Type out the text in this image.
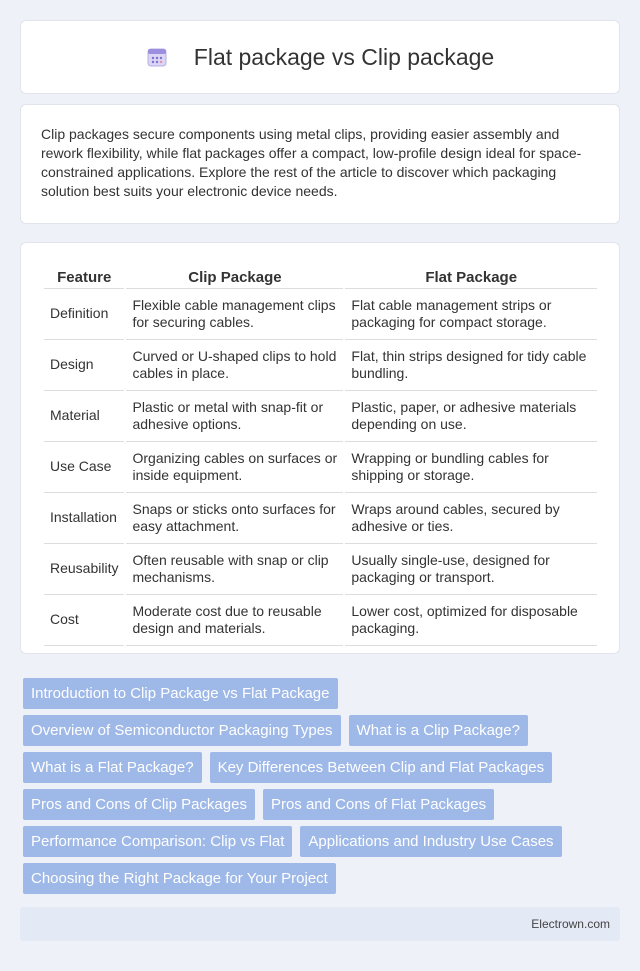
Flat package vs Clip package

Clip packages secure components using metal clips, providing easier assembly and rework flexibility, while flat packages offer a compact, low-profile design ideal for space-constrained applications. Explore the rest of the article to discover which packaging solution best suits your electronic device needs.

Feature	Clip Package	Flat Package
Definition	Flexible cable management clips for securing cables.	Flat cable management strips or packaging for compact storage.
Design	Curved or U-shaped clips to hold cables in place.	Flat, thin strips designed for tidy cable bundling.
Material	Plastic or metal with snap-fit or adhesive options.	Plastic, paper, or adhesive materials depending on use.
Use Case	Organizing cables on surfaces or inside equipment.	Wrapping or bundling cables for shipping or storage.
Installation	Snaps or sticks onto surfaces for easy attachment.	Wraps around cables, secured by adhesive or ties.
Reusability	Often reusable with snap or clip mechanisms.	Usually single-use, designed for packaging or transport.
Cost	Moderate cost due to reusable design and materials.	Lower cost, optimized for disposable packaging.
Introduction to Clip Package vs Flat Package
Overview of Semiconductor Packaging Types	What is a Clip Package?
What is a Flat Package?	Key Differences Between Clip and Flat Packages
Pros and Cons of Clip Packages	Pros and Cons of Flat Packages
Performance Comparison: Clip vs Flat	Applications and Industry Use Cases
Choosing the Right Package for Your Project
Electrown.com
